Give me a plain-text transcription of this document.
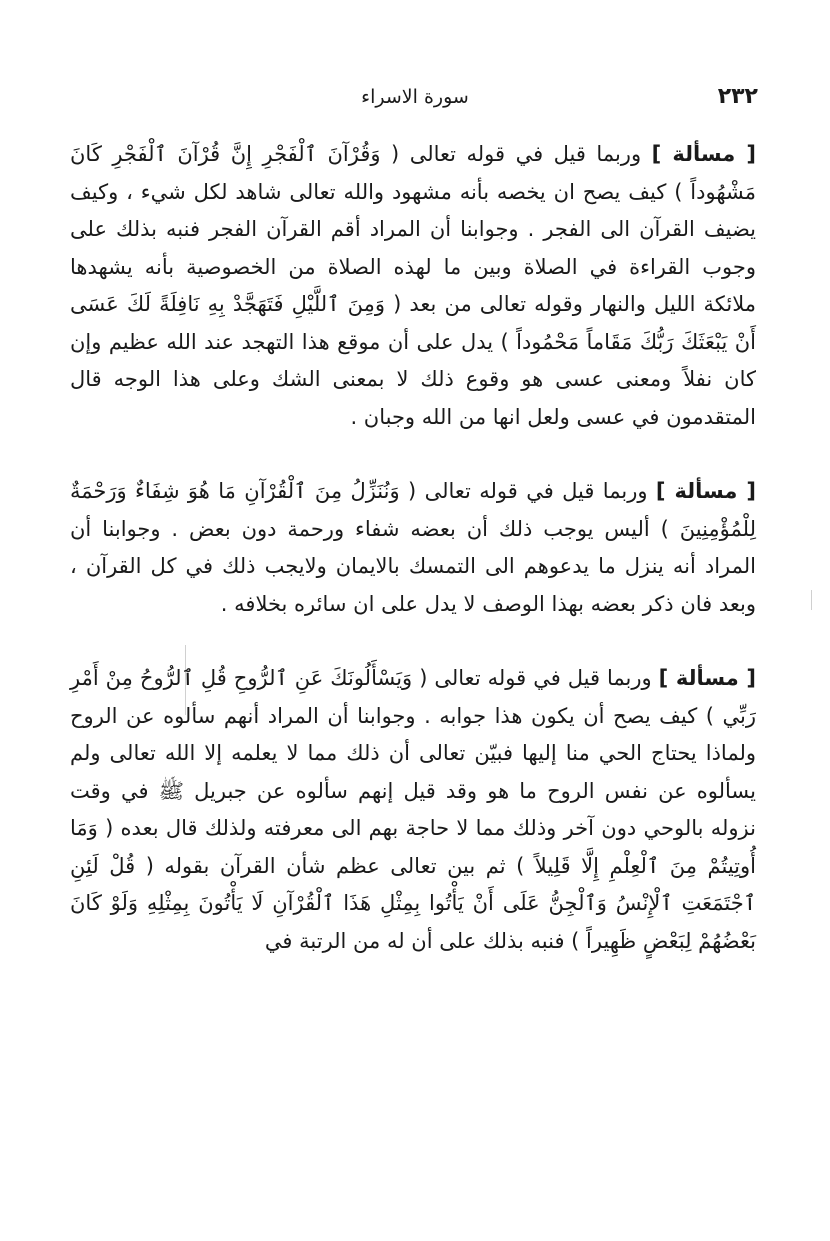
٢٣٢
سورة الاسراء

[ مسألة ] وربما قيل في قوله تعالى ( وَقُرْآنَ ٱلْفَجْرِ إِنَّ قُرْآنَ ٱلْفَجْرِ كَانَ مَشْهُوداً ) كيف يصح ان يخصه بأنه مشهود والله تعالى شاهد لكل شيء ، وكيف يضيف القرآن الى الفجر . وجوابنا أن المراد أقم القرآن الفجر فنبه بذلك على وجوب القراءة في الصلاة وبين ما لهذه الصلاة من الخصوصية بأنه يشهدها ملائكة الليل والنهار وقوله تعالى من بعد ( وَمِنَ ٱللَّيْلِ فَتَهَجَّدْ بِهِ نَافِلَةً لَكَ عَسَى أَنْ يَبْعَثَكَ رَبُّكَ مَقَاماً مَحْمُوداً ) يدل على أن موقع هذا التهجد عند الله عظيم وإن كان نفلاً ومعنى عسى هو وقوع ذلك لا بمعنى الشك وعلى هذا الوجه قال المتقدمون في عسى ولعل انها من الله وجبان .

[ مسألة ] وربما قيل في قوله تعالى ( وَنُنَزِّلُ مِنَ ٱلْقُرْآنِ مَا هُوَ شِفَاءٌ وَرَحْمَةٌ لِلْمُؤْمِنِينَ ) أليس يوجب ذلك أن بعضه شفاء ورحمة دون بعض . وجوابنا أن المراد أنه ينزل ما يدعوهم الى التمسك بالايمان ولايجب ذلك في كل القرآن ، وبعد فان ذكر بعضه بهذا الوصف لا يدل على ان سائره بخلافه .

[ مسألة ] وربما قيل في قوله تعالى ( وَيَسْأَلُونَكَ عَنِ ٱلرُّوحِ قُلِ ٱلرُّوحُ مِنْ أَمْرِ رَبِّي ) كيف يصح أن يكون هذا جوابه . وجوابنا أن المراد أنهم سألوه عن الروح ولماذا يحتاج الحي منا إليها فبيّن تعالى أن ذلك مما لا يعلمه إلا الله تعالى ولم يسألوه عن نفس الروح ما هو وقد قيل إنهم سألوه عن جبريل ﷺ في وقت نزوله بالوحي دون آخر وذلك مما لا حاجة بهم الى معرفته ولذلك قال بعده ( وَمَا أُوتِيتُمْ مِنَ ٱلْعِلْمِ إِلَّا قَلِيلاً ) ثم بين تعالى عظم شأن القرآن بقوله ( قُلْ لَئِنِ ٱجْتَمَعَتِ ٱلْإِنْسُ وَٱلْجِنُّ عَلَى أَنْ يَأْتُوا بِمِثْلِ هَذَا ٱلْقُرْآنِ لَا يَأْتُونَ بِمِثْلِهِ وَلَوْ كَانَ بَعْضُهُمْ لِبَعْضٍ ظَهِيراً ) فنبه بذلك على أن له من الرتبة في
